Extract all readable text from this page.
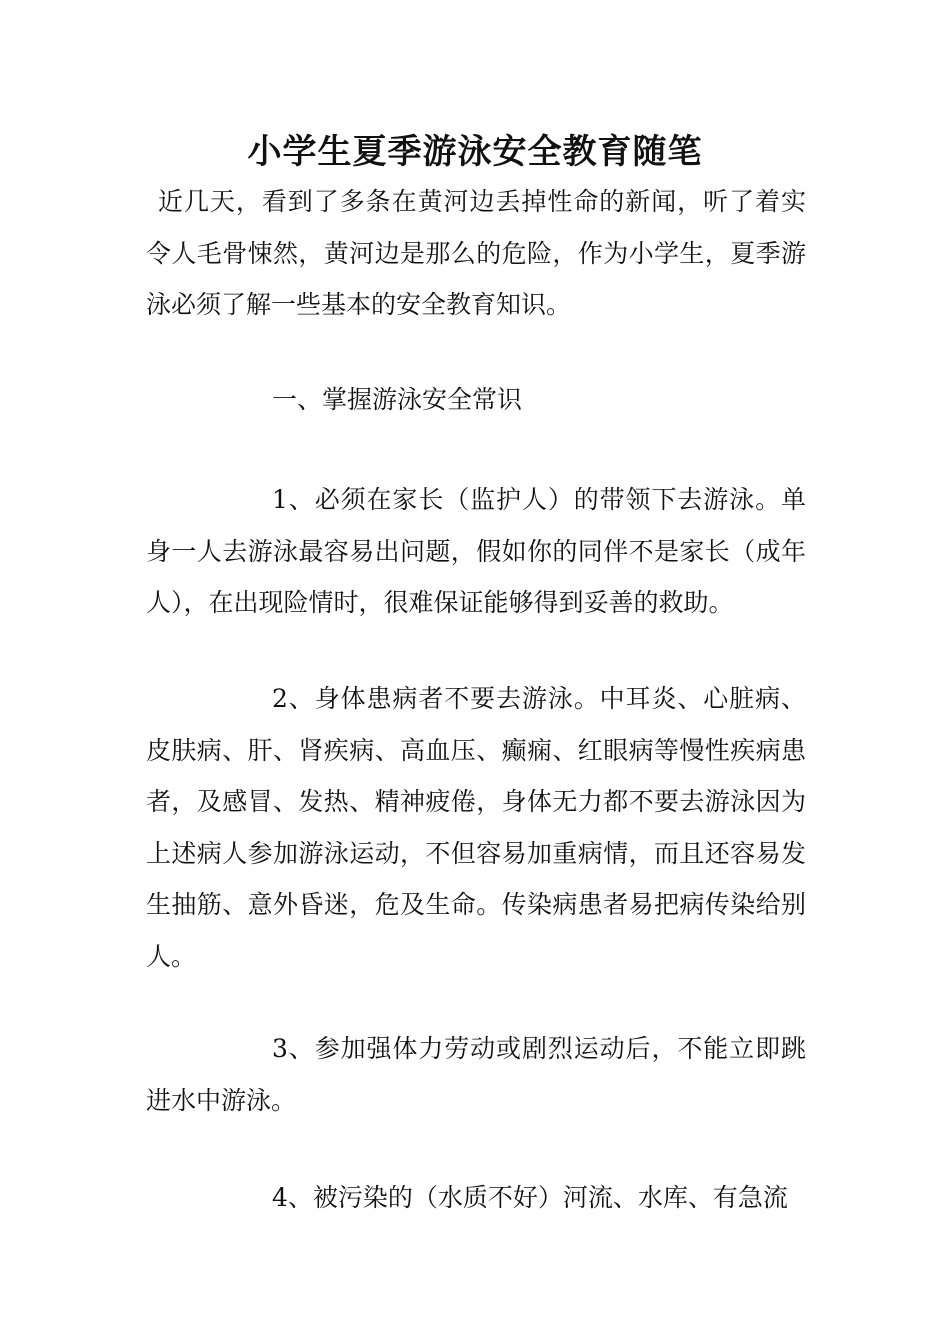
小学生夏季游泳安全教育随笔

近几天，看到了多条在黄河边丢掉性命的新闻，听了着实令人毛骨悚然，黄河边是那么的危险，作为小学生，夏季游泳必须了解一些基本的安全教育知识。

一、掌握游泳安全常识

1、必须在家长（监护人）的带领下去游泳。单身一人去游泳最容易出问题，假如你的同伴不是家长（成年人），在出现险情时，很难保证能够得到妥善的救助。

2、身体患病者不要去游泳。中耳炎、心脏病、皮肤病、肝、肾疾病、高血压、癫痫、红眼病等慢性疾病患者，及感冒、发热、精神疲倦，身体无力都不要去游泳因为上述病人参加游泳运动，不但容易加重病情，而且还容易发生抽筋、意外昏迷，危及生命。传染病患者易把病传染给别人。

3、参加强体力劳动或剧烈运动后，不能立即跳进水中游泳。

4、被污染的（水质不好）河流、水库、有急流
